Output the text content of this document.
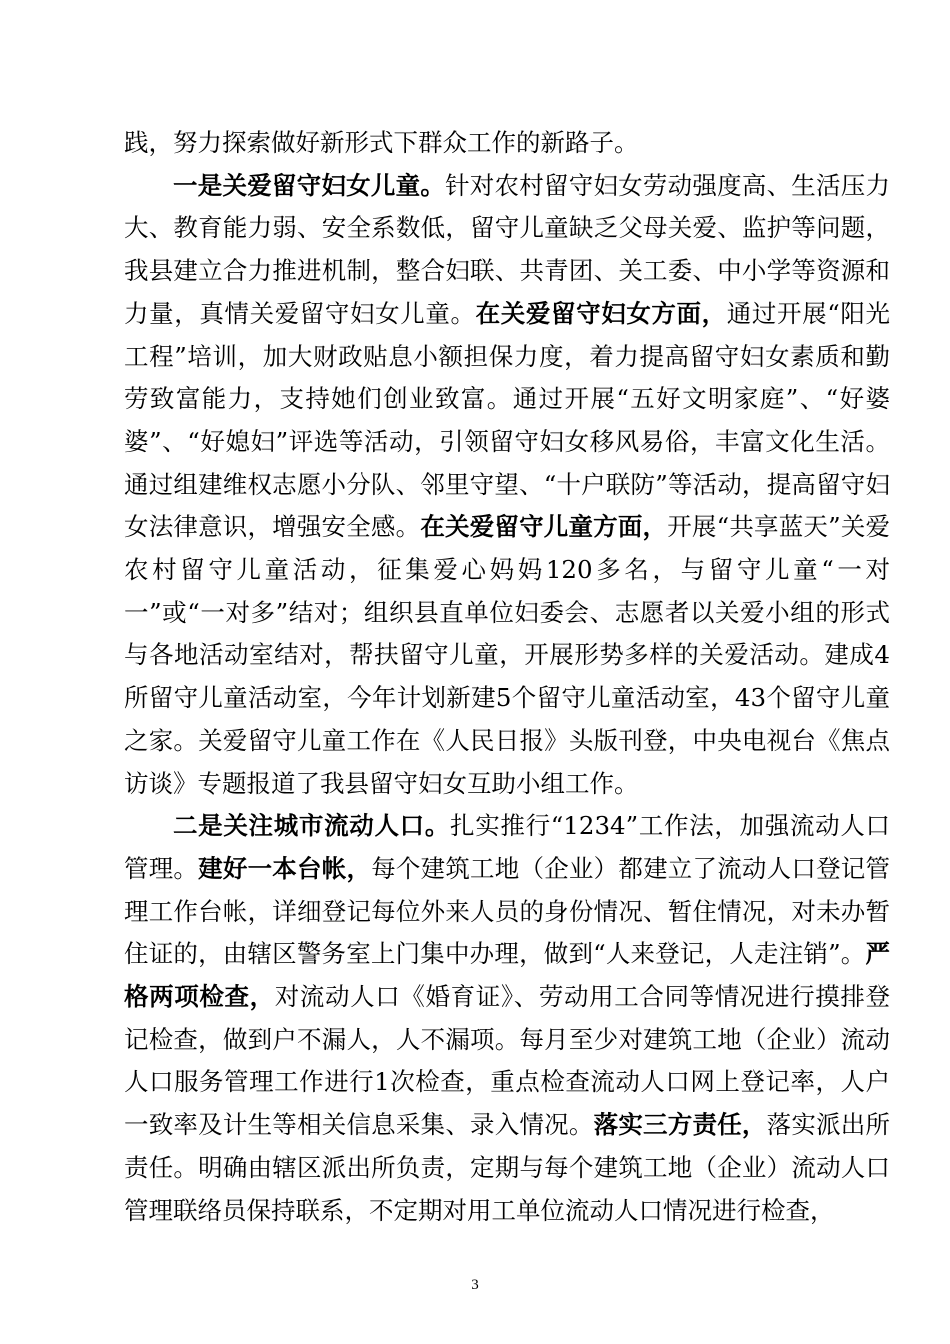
践，努力探索做好新形式下群众工作的新路子。

一是关爱留守妇女儿童。针对农村留守妇女劳动强度高、生活压力大、教育能力弱、安全系数低，留守儿童缺乏父母关爱、监护等问题，我县建立合力推进机制，整合妇联、共青团、关工委、中小学等资源和力量，真情关爱留守妇女儿童。在关爱留守妇女方面，通过开展“阳光工程”培训，加大财政贴息小额担保力度，着力提高留守妇女素质和勤劳致富能力，支持她们创业致富。通过开展“五好文明家庭”、“好婆婆”、“好媳妇”评选等活动，引领留守妇女移风易俗，丰富文化生活。通过组建维权志愿小分队、邻里守望、“十户联防”等活动，提高留守妇女法律意识，增强安全感。在关爱留守儿童方面，开展“共享蓝天”关爱农村留守儿童活动，征集爱心妈妈120多名，与留守儿童“一对一”或“一对多”结对；组织县直单位妇委会、志愿者以关爱小组的形式与各地活动室结对，帮扶留守儿童，开展形势多样的关爱活动。建成4所留守儿童活动室，今年计划新建5个留守儿童活动室，43个留守儿童之家。关爱留守儿童工作在《人民日报》头版刊登，中央电视台《焦点访谈》专题报道了我县留守妇女互助小组工作。

二是关注城市流动人口。扎实推行“1234”工作法，加强流动人口管理。建好一本台帐，每个建筑工地（企业）都建立了流动人口登记管理工作台帐，详细登记每位外来人员的身份情况、暂住情况，对未办暂住证的，由辖区警务室上门集中办理，做到“人来登记，人走注销”。严格两项检查，对流动人口《婚育证》、劳动用工合同等情况进行摸排登记检查，做到户不漏人，人不漏项。每月至少对建筑工地（企业）流动人口服务管理工作进行1次检查，重点检查流动人口网上登记率，人户一致率及计生等相关信息采集、录入情况。落实三方责任，落实派出所责任。明确由辖区派出所负责，定期与每个建筑工地（企业）流动人口管理联络员保持联系，不定期对用工单位流动人口情况进行检查，

3
